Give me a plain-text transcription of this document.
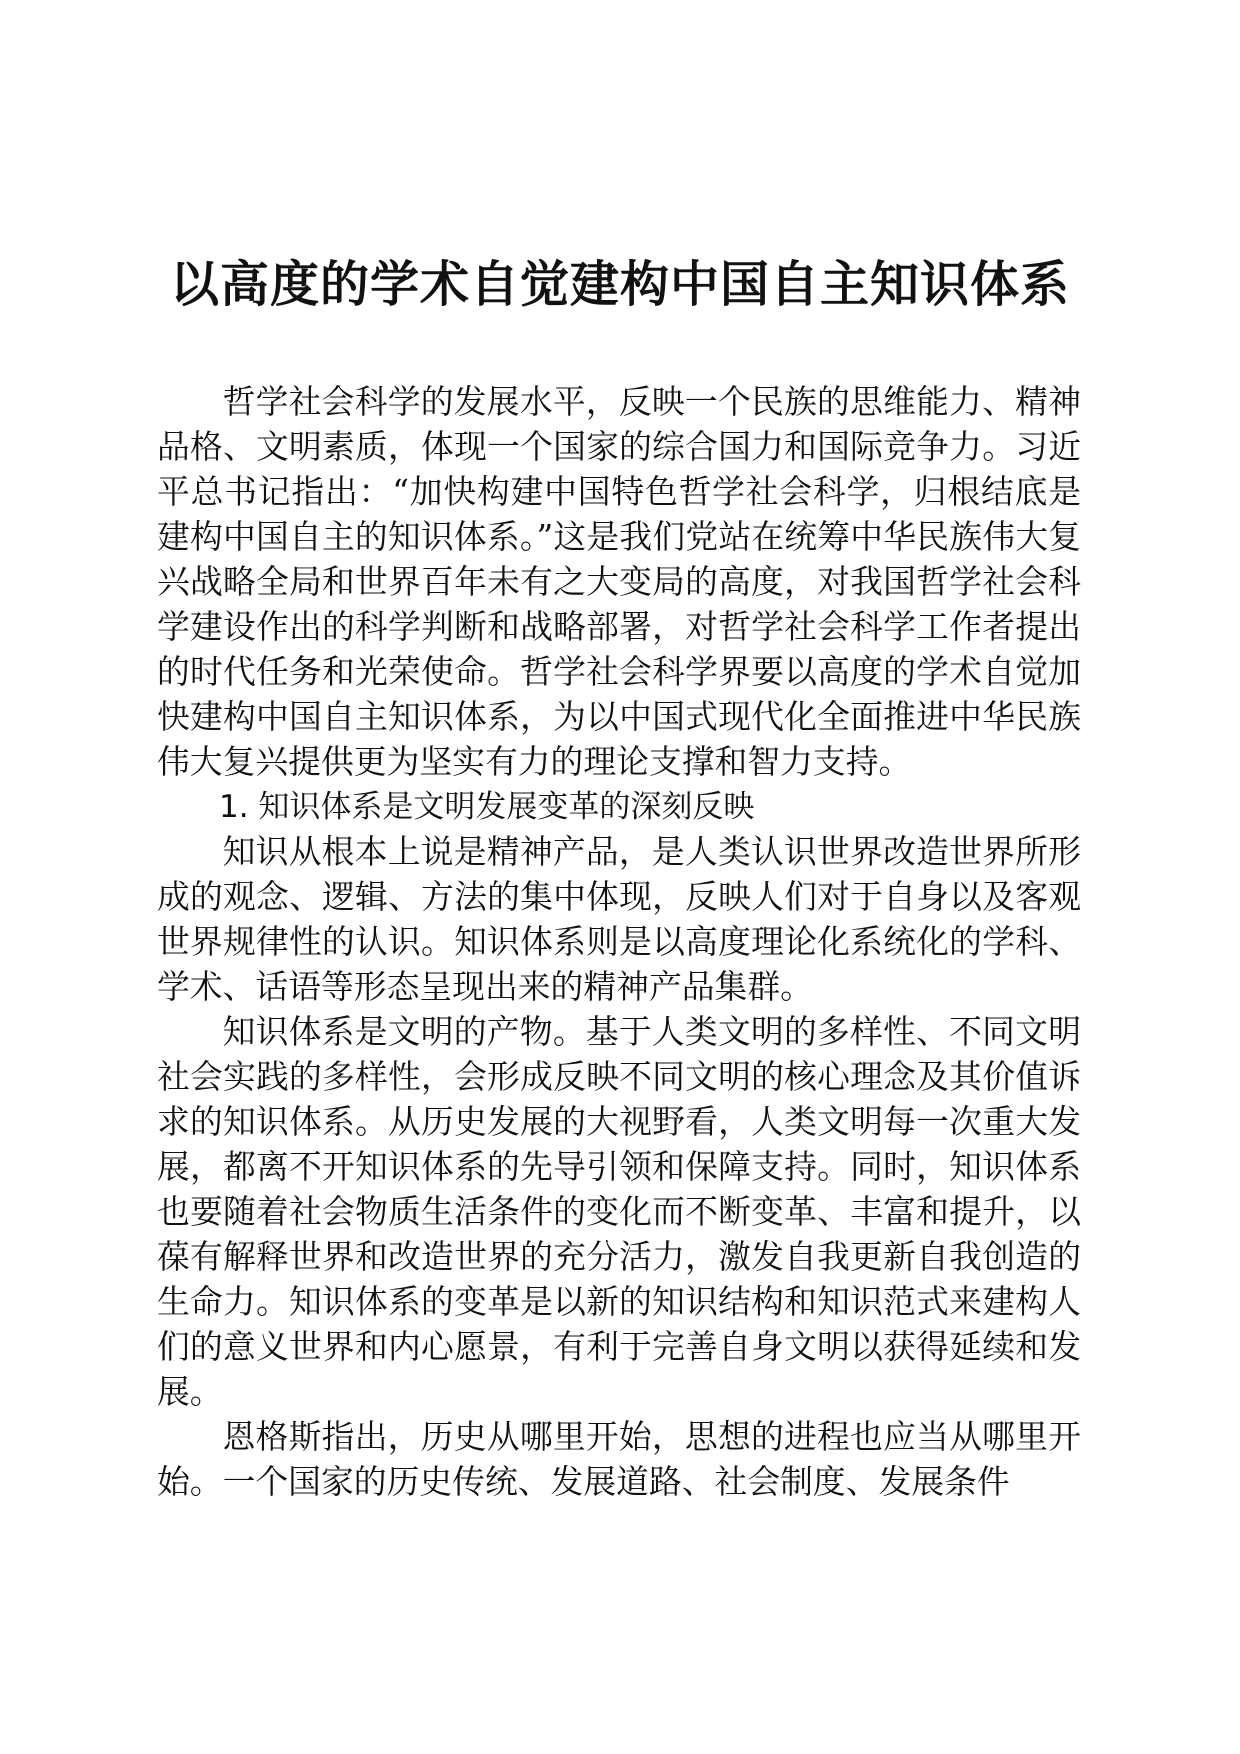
以高度的学术自觉建构中国自主知识体系

哲学社会科学的发展水平，反映一个民族的思维能力、精神品格、文明素质，体现一个国家的综合国力和国际竞争力。习近平总书记指出：“加快构建中国特色哲学社会科学，归根结底是建构中国自主的知识体系。”这是我们党站在统筹中华民族伟大复兴战略全局和世界百年未有之大变局的高度，对我国哲学社会科学建设作出的科学判断和战略部署，对哲学社会科学工作者提出的时代任务和光荣使命。哲学社会科学界要以高度的学术自觉加快建构中国自主知识体系，为以中国式现代化全面推进中华民族伟大复兴提供更为坚实有力的理论支撑和智力支持。

1. 知识体系是文明发展变革的深刻反映

知识从根本上说是精神产品，是人类认识世界改造世界所形成的观念、逻辑、方法的集中体现，反映人们对于自身以及客观世界规律性的认识。知识体系则是以高度理论化系统化的学科、学术、话语等形态呈现出来的精神产品集群。

知识体系是文明的产物。基于人类文明的多样性、不同文明社会实践的多样性，会形成反映不同文明的核心理念及其价值诉求的知识体系。从历史发展的大视野看，人类文明每一次重大发展，都离不开知识体系的先导引领和保障支持。同时，知识体系也要随着社会物质生活条件的变化而不断变革、丰富和提升，以葆有解释世界和改造世界的充分活力，激发自我更新自我创造的生命力。知识体系的变革是以新的知识结构和知识范式来建构人们的意义世界和内心愿景，有利于完善自身文明以获得延续和发展。

恩格斯指出，历史从哪里开始，思想的进程也应当从哪里开始。一个国家的历史传统、发展道路、社会制度、发展条件
